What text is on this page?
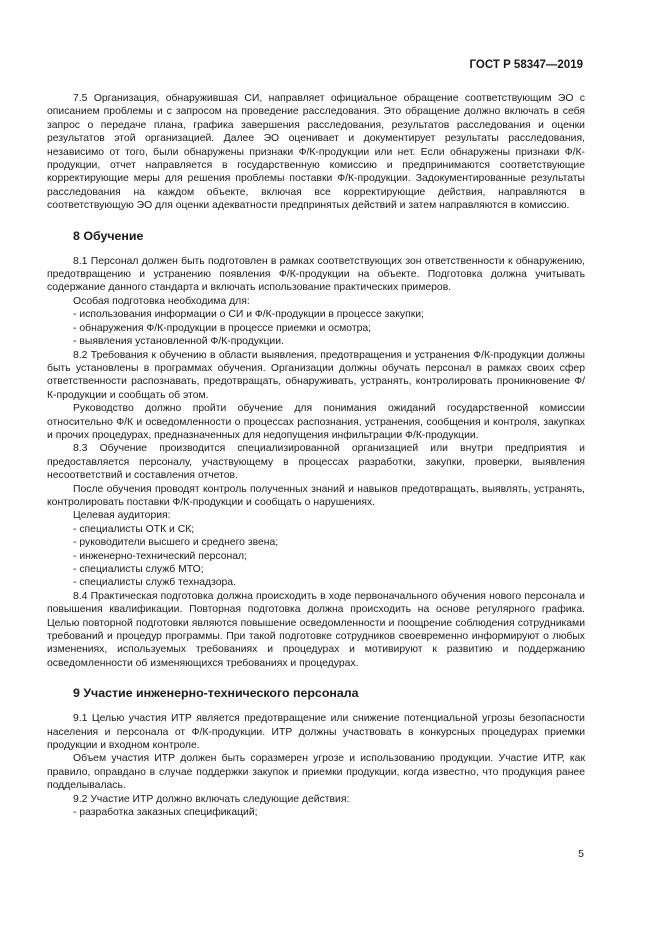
ГОСТ Р 58347—2019

7.5 Организация, обнаружившая СИ, направляет официальное обращение соответствующим ЭО с описанием проблемы и с запросом на проведение расследования. Это обращение должно включать в себя запрос о передаче плана, графика завершения расследования, результатов расследования и оценки результатов этой организацией. Далее ЭО оценивает и документирует результаты расследования, независимо от того, были обнаружены признаки Ф/К-продукции или нет. Если обнаружены признаки Ф/К-продукции, отчет направляется в государственную комиссию и предпринимаются соответствующие корректирующие меры для решения проблемы поставки Ф/К-продукции. Задокументированные результаты расследования на каждом объекте, включая все корректирующие действия, направляются в соответствующую ЭО для оценки адекватности предпринятых действий и затем направляются в комиссию.

8 Обучение

8.1 Персонал должен быть подготовлен в рамках соответствующих зон ответственности к обнаружению, предотвращению и устранению появления Ф/К-продукции на объекте. Подготовка должна учитывать содержание данного стандарта и включать использование практических примеров.

Особая подготовка необходима для:

- использования информации о СИ и Ф/К-продукции в процессе закупки;

- обнаружения Ф/К-продукции в процессе приемки и осмотра;

- выявления установленной Ф/К-продукции.

8.2 Требования к обучению в области выявления, предотвращения и устранения Ф/К-продукции должны быть установлены в программах обучения. Организации должны обучать персонал в рамках своих сфер ответственности распознавать, предотвращать, обнаруживать, устранять, контролировать проникновение Ф/К-продукции и сообщать об этом.

Руководство должно пройти обучение для понимания ожиданий государственной комиссии относительно Ф/К и осведомленности о процессах распознания, устранения, сообщения и контроля, закупках и прочих процедурах, предназначенных для недопущения инфильтрации Ф/К-продукции.

8.3 Обучение производится специализированной организацией или внутри предприятия и предоставляется персоналу, участвующему в процессах разработки, закупки, проверки, выявления несоответствий и составления отчетов.

После обучения проводят контроль полученных знаний и навыков предотвращать, выявлять, устранять, контролировать поставки Ф/К-продукции и сообщать о нарушениях.

Целевая аудитория:

- специалисты ОТК и СК;

- руководители высшего и среднего звена;

- инженерно-технический персонал;

- специалисты служб МТО;

- специалисты служб технадзора.

8.4 Практическая подготовка должна происходить в ходе первоначального обучения нового персонала и повышения квалификации. Повторная подготовка должна происходить на основе регулярного графика. Целью повторной подготовки являются повышение осведомленности и поощрение соблюдения сотрудниками требований и процедур программы. При такой подготовке сотрудников своевременно информируют о любых изменениях, используемых требованиях и процедурах и мотивируют к развитию и поддержанию осведомленности об изменяющихся требованиях и процедурах.

9 Участие инженерно-технического персонала

9.1 Целью участия ИТР является предотвращение или снижение потенциальной угрозы безопасности населения и персонала от Ф/К-продукции. ИТР должны участвовать в конкурсных процедурах приемки продукции и входном контроле.

Объем участия ИТР должен быть соразмерен угрозе и использованию продукции. Участие ИТР, как правило, оправдано в случае поддержки закупок и приемки продукции, когда известно, что продукция ранее подделывалась.

9.2 Участие ИТР должно включать следующие действия:

- разработка заказных спецификаций;

5
